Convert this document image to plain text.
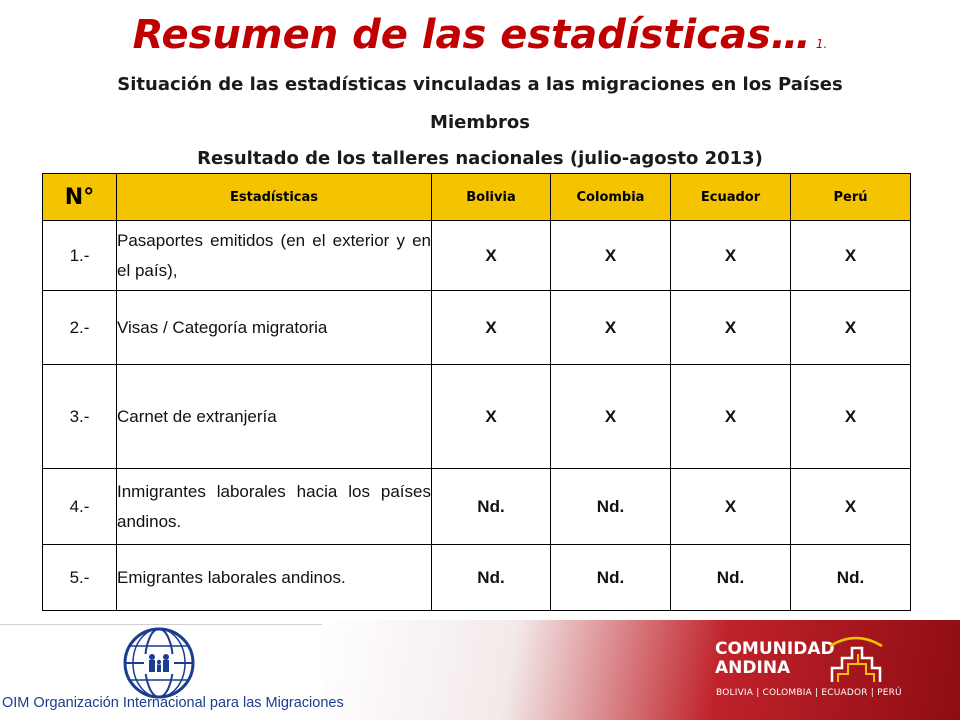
Resumen de las estadísticas… 1.
Situación de las estadísticas vinculadas a las migraciones en los Países
Miembros
Resultado de los talleres nacionales (julio-agosto 2013)
N°	Estadísticas	Bolivia	Colombia	Ecuador	Perú
1.-	Pasaportes emitidos (en el exterior y en el país),	X	X	X	X
2.-	Visas / Categoría migratoria	X	X	X	X
3.-	Carnet de extranjería	X	X	X	X
4.-	Inmigrantes laborales hacia los países andinos.	Nd.	Nd.	X	X
5.-	Emigrantes laborales andinos.	Nd.	Nd.	Nd.	Nd.
OIM Organización Internacional para las Migraciones
COMUNIDAD
ANDINA
BOLIVIA | COLOMBIA | ECUADOR | PERÚ
